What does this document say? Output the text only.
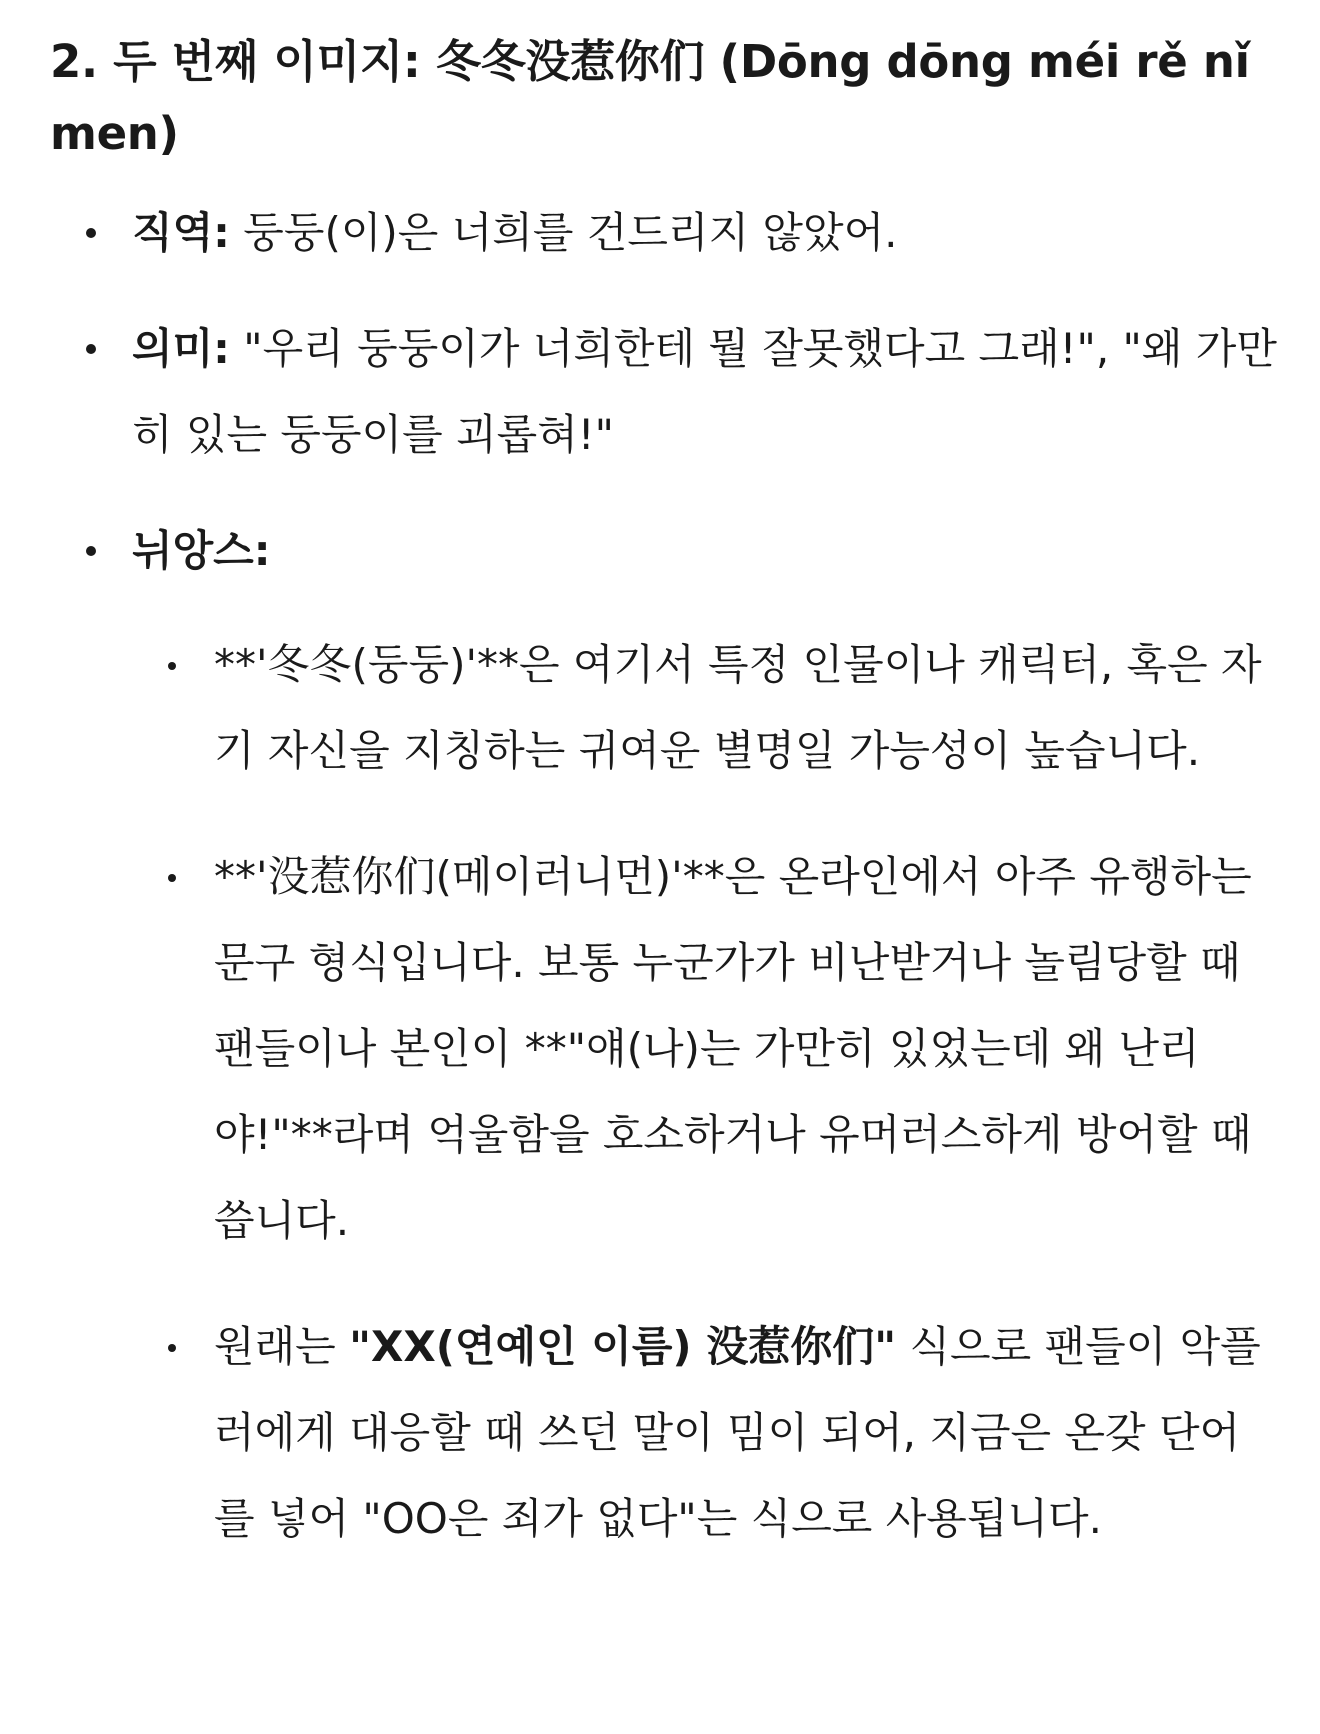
2. 두 번째 이미지: 冬冬没惹你们 (Dōng dōng méi rě nǐ men)
직역: 둥둥(이)은 너희를 건드리지 않았어.
의미: "우리 둥둥이가 너희한테 뭘 잘못했다고 그래!", "왜 가만히 있는 둥둥이를 괴롭혀!"
뉘앙스:
**'冬冬(둥둥)'**은 여기서 특정 인물이나 캐릭터, 혹은 자기 자신을 지칭하는 귀여운 별명일 가능성이 높습니다.
**'没惹你们(메이러니먼)'**은 온라인에서 아주 유행하는 문구 형식입니다. 보통 누군가가 비난받거나 놀림당할 때 팬들이나 본인이 **"얘(나)는 가만히 있었는데 왜 난리야!"**라며 억울함을 호소하거나 유머러스하게 방어할 때 씁니다.
원래는 "XX(연예인 이름) 没惹你们" 식으로 팬들이 악플러에게 대응할 때 쓰던 말이 밈이 되어, 지금은 온갖 단어를 넣어 "OO은 죄가 없다"는 식으로 사용됩니다.
